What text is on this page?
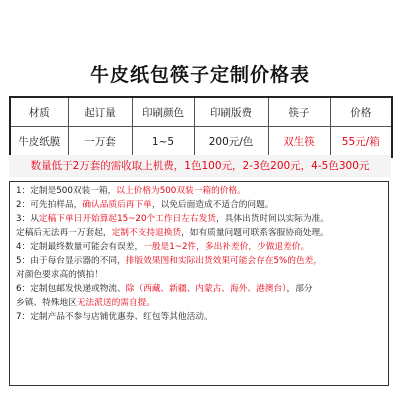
牛皮纸包筷子定制价格表
材质	起订量	印刷颜色	印刷版费	筷子	价格
牛皮纸膜	一万套	1~5	200元/色	双生筷	55元/箱
数量低于2万套的需收取上机费，1色100元，2-3色200元，4-5色300元
1：定制是500双装一箱，以上价格为500双装一箱的价格。
2：可先拍样品，确认品质后再下单，以免后面造成不适合的问题。
3：从定稿下单日开始算起15~20个工作日左右发货，具体出货时间以实际为准。
定稿后无法再一万套起，定制不支持退换货，如有质量问题可联系客服协商处理。
4：定制最终数量可能会有误差，一般是1~2件，多出补差价，少做退差价。
5：由于每台显示器的不同，排版效果图和实际出货效果可能会存在5%的色差，
对颜色要求高的慎拍！
6：定制包邮发快递或物流、除（西藏、新疆、内蒙古、海外、港澳台），部分
乡镇、特殊地区无法派送的需自提。
7：定制产品不参与店铺优惠券、红包等其他活动。
